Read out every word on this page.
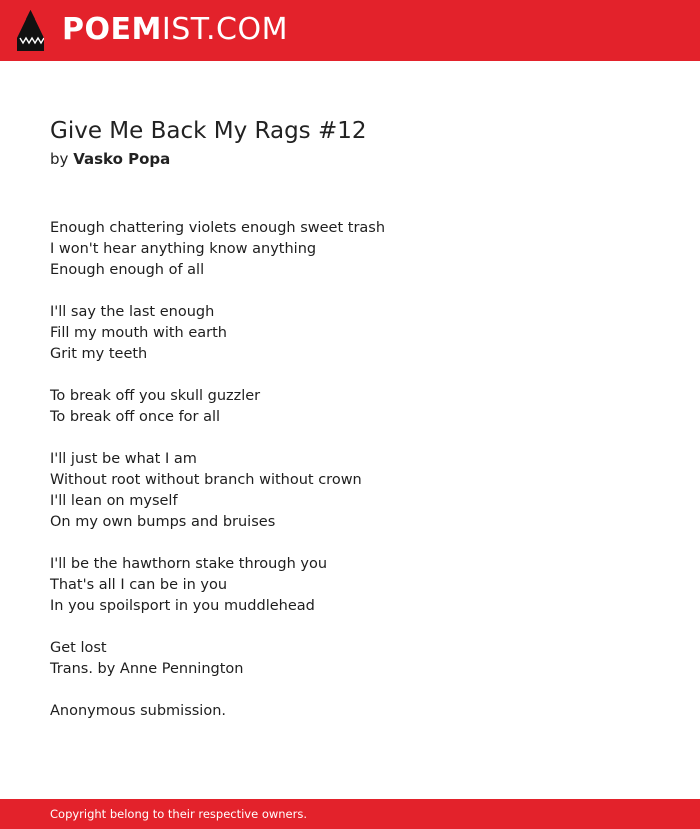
POEMIST.COM
Give Me Back My Rags #12
by Vasko Popa
Enough chattering violets enough sweet trash
I won't hear anything know anything
Enough enough of all
I'll say the last enough
Fill my mouth with earth
Grit my teeth
To break off you skull guzzler
To break off once for all
I'll just be what I am
Without root without branch without crown
I'll lean on myself
On my own bumps and bruises
I'll be the hawthorn stake through you
That's all I can be in you
In you spoilsport in you muddlehead
Get lost
Trans. by Anne Pennington
Anonymous submission.
Copyright belong to their respective owners.
